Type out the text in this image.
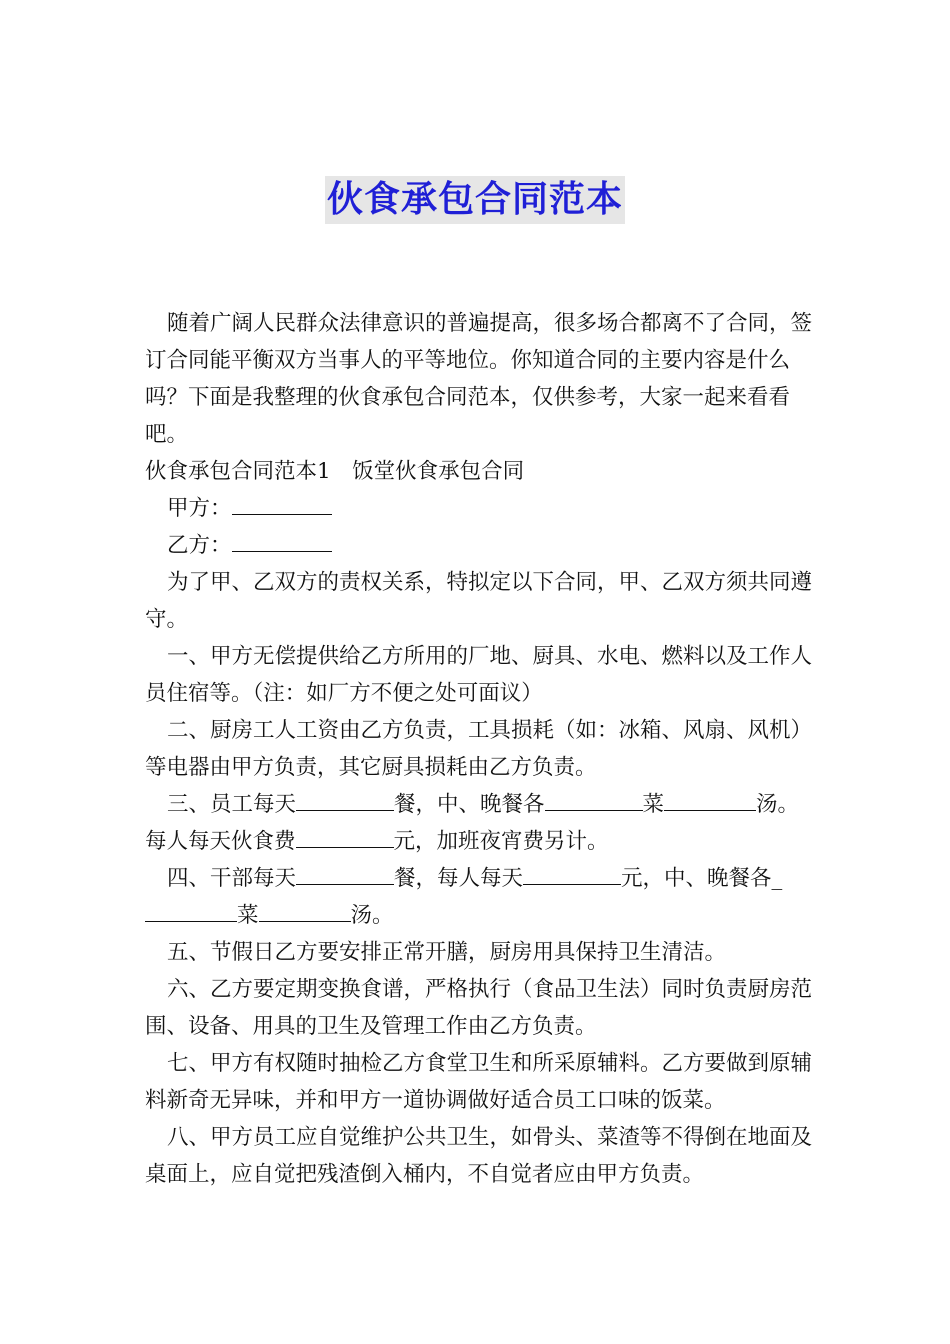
伙食承包合同范本

随着广阔人民群众法律意识的普遍提高，很多场合都离不了合同，签订合同能平衡双方当事人的平等地位。你知道合同的主要内容是什么吗？下面是我整理的伙食承包合同范本，仅供参考，大家一起来看看吧。

伙食承包合同范本1　饭堂伙食承包合同

甲方：

乙方：

为了甲、乙双方的责权关系，特拟定以下合同，甲、乙双方须共同遵守。

一、甲方无偿提供给乙方所用的厂地、厨具、水电、燃料以及工作人员住宿等。（注：如厂方不便之处可面议）

二、厨房工人工资由乙方负责，工具损耗（如：冰箱、风扇、风机）等电器由甲方负责，其它厨具损耗由乙方负责。

三、员工每天	餐，中、晚餐各	菜	汤。每人每天伙食费	元，加班夜宵费另计。

四、干部每天	餐，每人每天	元，中、晚餐各_菜	汤。

五、节假日乙方要安排正常开膳，厨房用具保持卫生清洁。

六、乙方要定期变换食谱，严格执行（食品卫生法）同时负责厨房范围、设备、用具的卫生及管理工作由乙方负责。

七、甲方有权随时抽检乙方食堂卫生和所采原辅料。乙方要做到原辅料新奇无异味，并和甲方一道协调做好适合员工口味的饭菜。

八、甲方员工应自觉维护公共卫生，如骨头、菜渣等不得倒在地面及桌面上，应自觉把残渣倒入桶内，不自觉者应由甲方负责。
